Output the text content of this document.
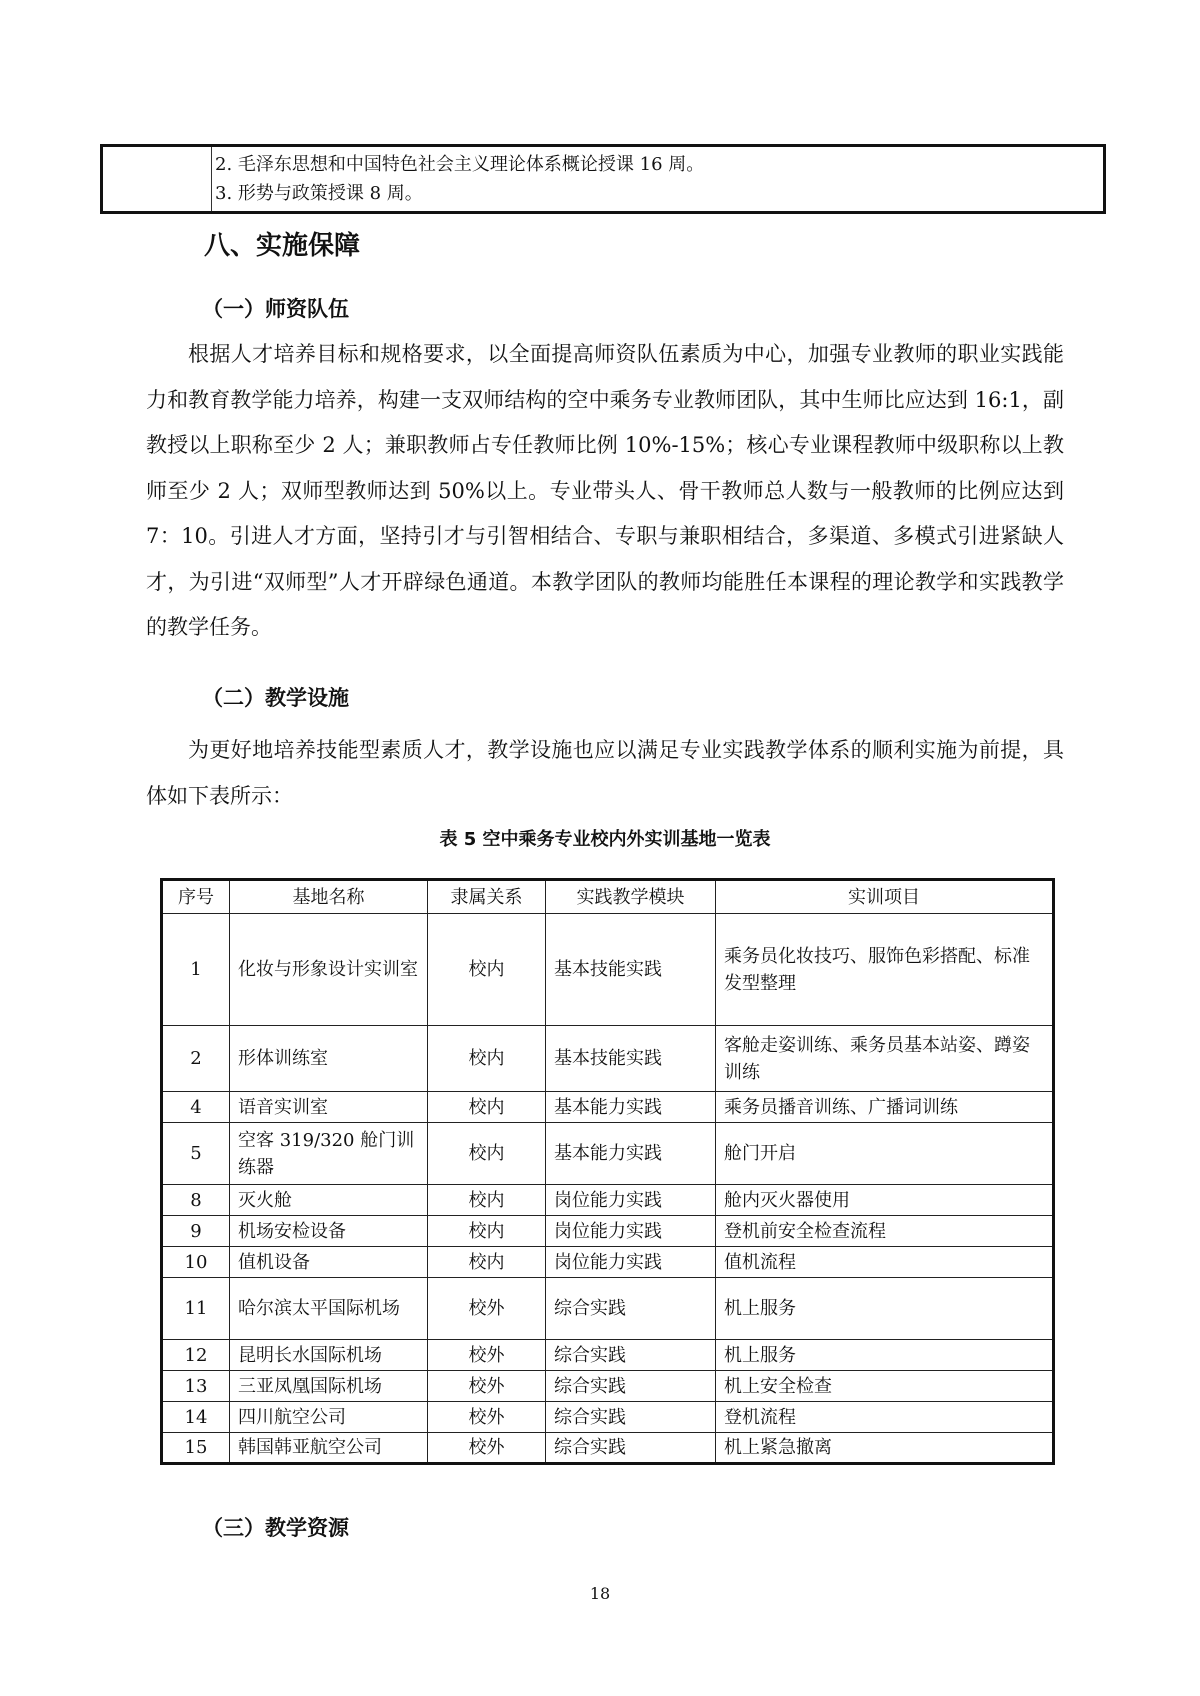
2. 毛泽东思想和中国特色社会主义理论体系概论授课 16 周。
3. 形势与政策授课 8 周。
八、实施保障
（一）师资队伍

根据人才培养目标和规格要求，以全面提高师资队伍素质为中心，加强专业教师的职业实践能力和教育教学能力培养，构建一支双师结构的空中乘务专业教师团队，其中生师比应达到 16:1，副教授以上职称至少 2 人；兼职教师占专任教师比例 10%-15%；核心专业课程教师中级职称以上教师至少 2 人；双师型教师达到 50%以上。专业带头人、骨干教师总人数与一般教师的比例应达到 7：10。引进人才方面，坚持引才与引智相结合、专职与兼职相结合，多渠道、多模式引进紧缺人才，为引进“双师型”人才开辟绿色通道。本教学团队的教师均能胜任本课程的理论教学和实践教学的教学任务。

（二）教学设施

为更好地培养技能型素质人才，教学设施也应以满足专业实践教学体系的顺利实施为前提，具体如下表所示：

表 5 空中乘务专业校内外实训基地一览表
序号	基地名称	隶属关系	实践教学模块	实训项目
1	化妆与形象设计实训室	校内	基本技能实践	乘务员化妆技巧、服饰色彩搭配、标准发型整理
2	形体训练室	校内	基本技能实践	客舱走姿训练、乘务员基本站姿、蹲姿训练
4	语音实训室	校内	基本能力实践	乘务员播音训练、广播词训练
5	空客 319/320 舱门训练器	校内	基本能力实践	舱门开启
8	灭火舱	校内	岗位能力实践	舱内灭火器使用
9	机场安检设备	校内	岗位能力实践	登机前安全检查流程
10	值机设备	校内	岗位能力实践	值机流程
11	哈尔滨太平国际机场	校外	综合实践	机上服务
12	昆明长水国际机场	校外	综合实践	机上服务
13	三亚凤凰国际机场	校外	综合实践	机上安全检查
14	四川航空公司	校外	综合实践	登机流程
15	韩国韩亚航空公司	校外	综合实践	机上紧急撤离
（三）教学资源
18
